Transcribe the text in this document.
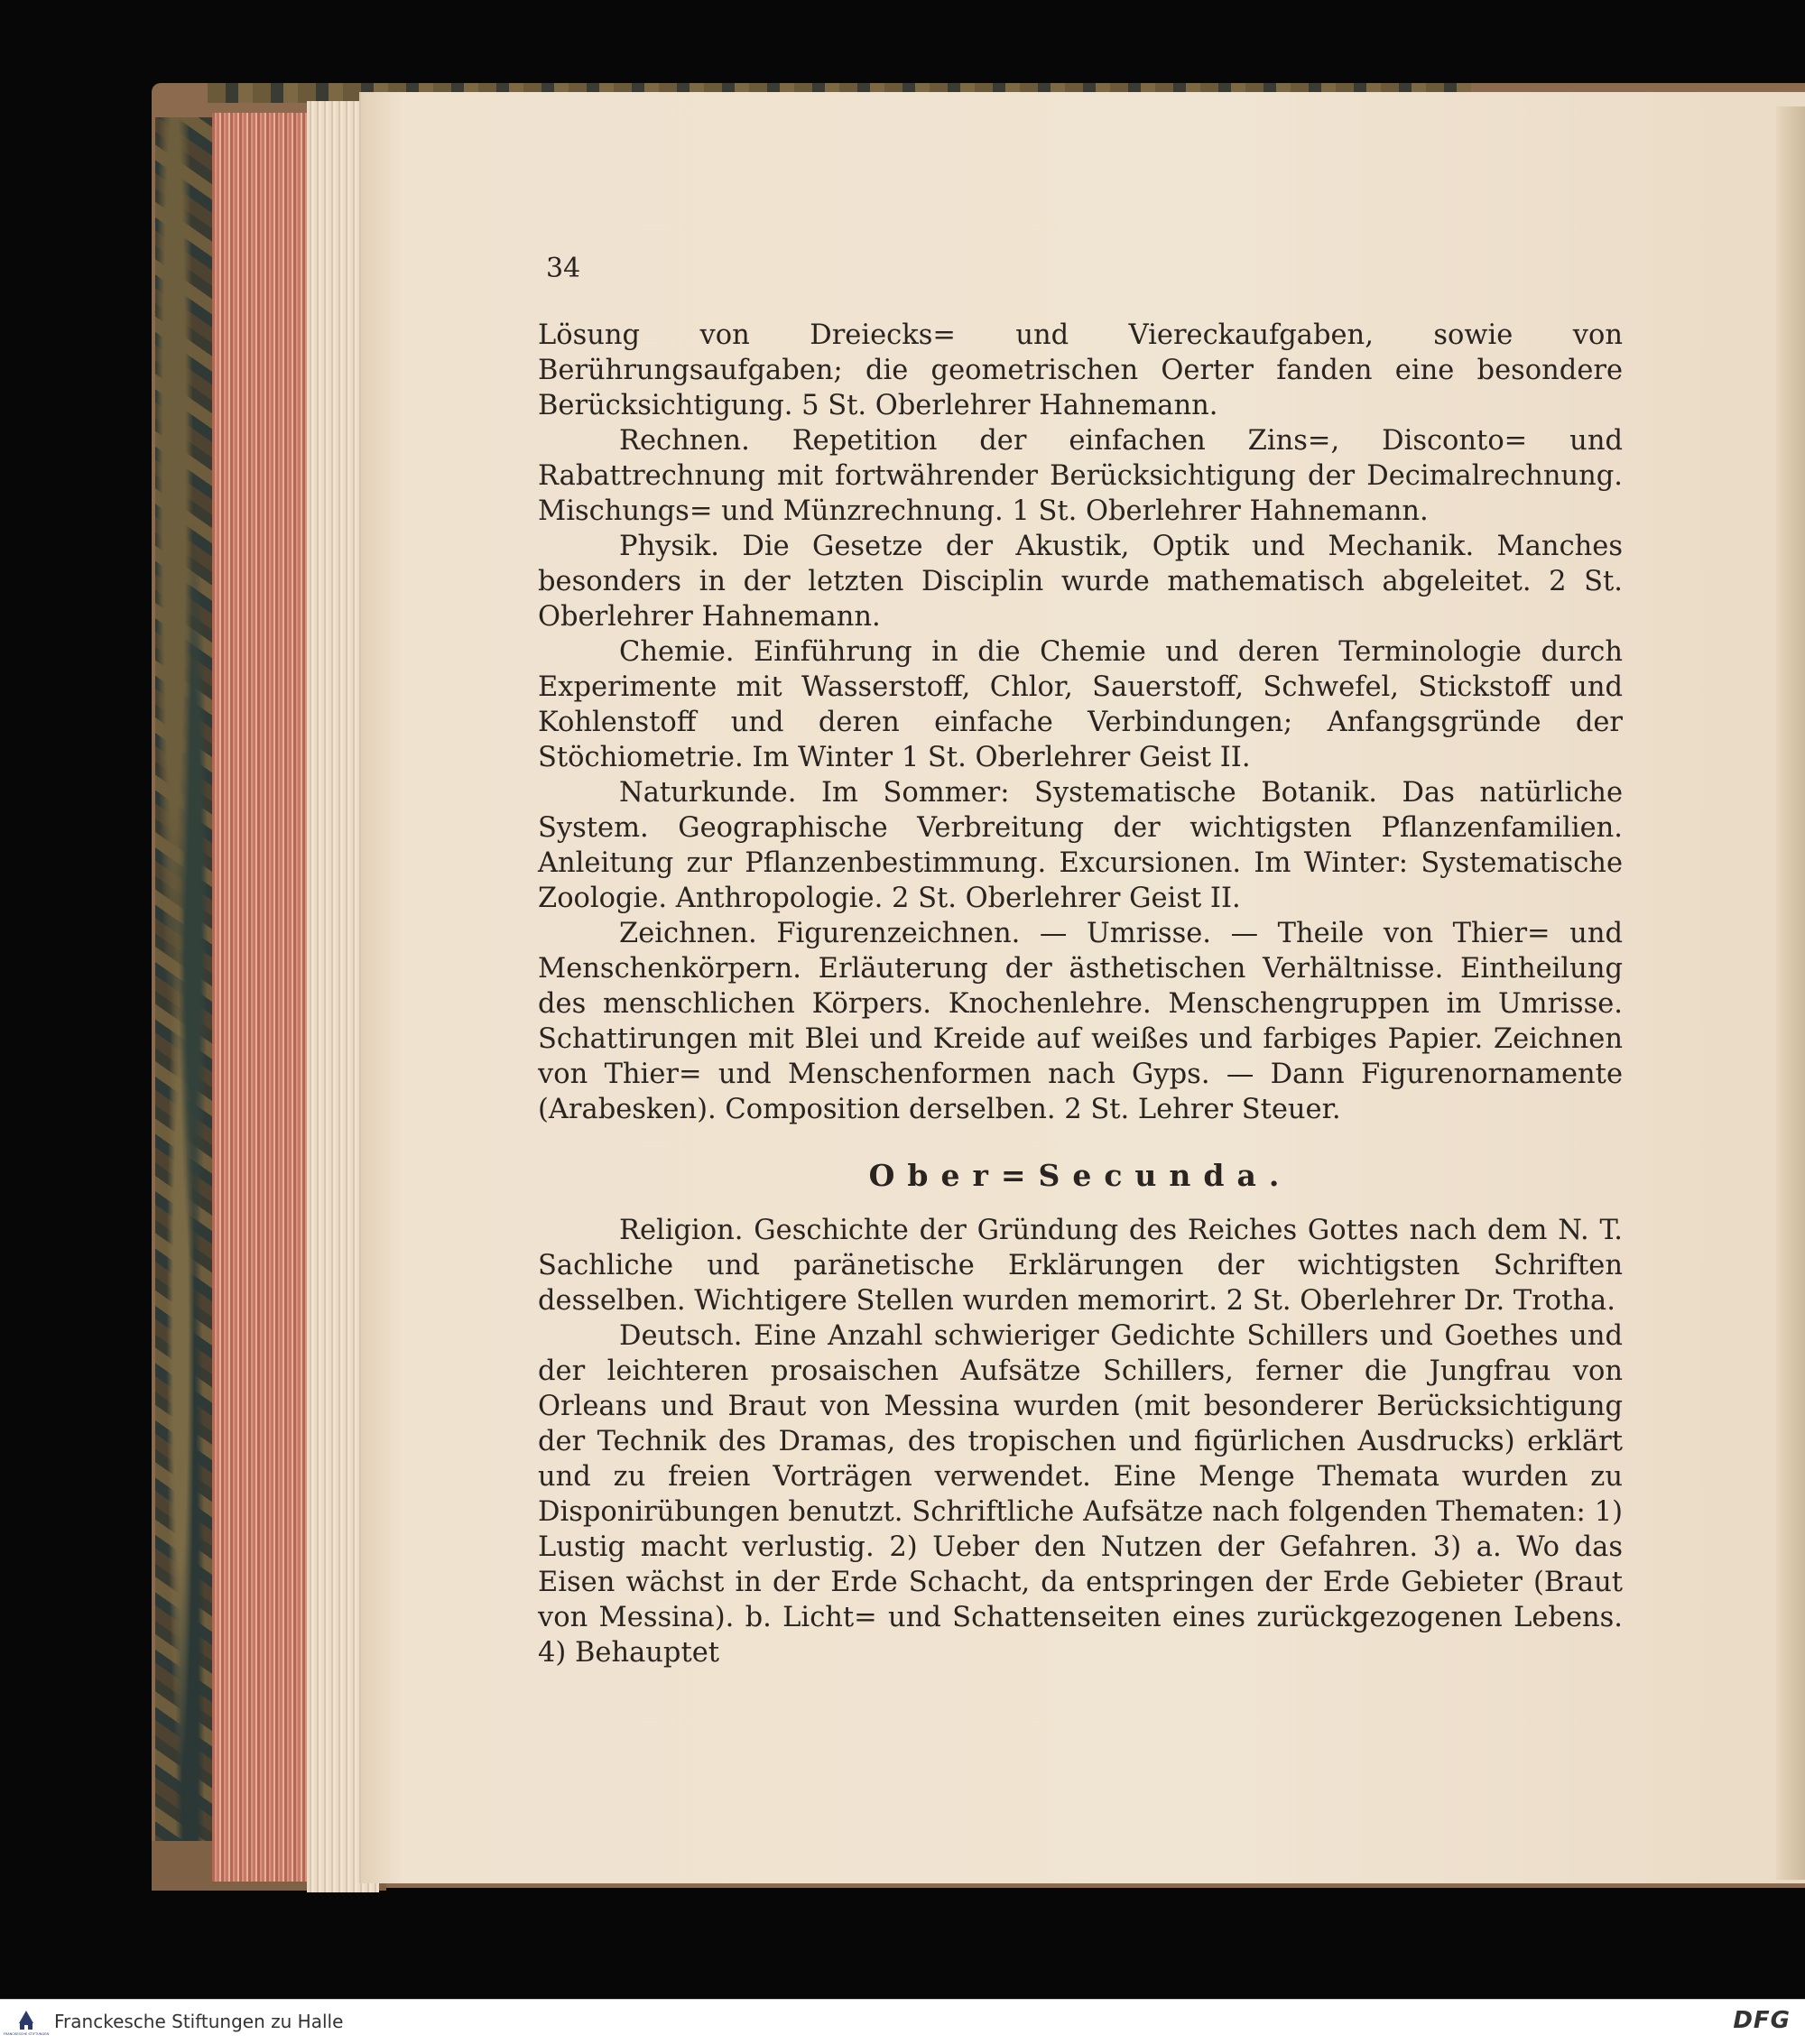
34

Lösung von Dreiecks= und Viereckaufgaben, sowie von Berührungsaufgaben; die geometrischen Oerter fanden eine besondere Berücksichtigung. 5 St. Oberlehrer Hahnemann.

Rechnen. Repetition der einfachen Zins=, Disconto= und Rabattrechnung mit fortwährender Berücksichtigung der Decimalrechnung. Mischungs= und Münzrechnung. 1 St. Oberlehrer Hahnemann.

Physik. Die Gesetze der Akustik, Optik und Mechanik. Manches besonders in der letzten Disciplin wurde mathematisch abgeleitet. 2 St. Oberlehrer Hahnemann.

Chemie. Einführung in die Chemie und deren Terminologie durch Experimente mit Wasserstoff, Chlor, Sauerstoff, Schwefel, Stickstoff und Kohlenstoff und deren einfache Verbindungen; Anfangsgründe der Stöchiometrie. Im Winter 1 St. Oberlehrer Geist II.

Naturkunde. Im Sommer: Systematische Botanik. Das natürliche System. Geographische Verbreitung der wichtigsten Pflanzenfamilien. Anleitung zur Pflanzenbestimmung. Excursionen. Im Winter: Systematische Zoologie. Anthropologie. 2 St. Oberlehrer Geist II.

Zeichnen. Figurenzeichnen. — Umrisse. — Theile von Thier= und Menschenkörpern. Erläuterung der ästhetischen Verhältnisse. Eintheilung des menschlichen Körpers. Knochenlehre. Menschengruppen im Umrisse. Schattirungen mit Blei und Kreide auf weißes und farbiges Papier. Zeichnen von Thier= und Menschenformen nach Gyps. — Dann Figurenornamente (Arabesken). Composition derselben. 2 St. Lehrer Steuer.

Ober=Secunda.

Religion. Geschichte der Gründung des Reiches Gottes nach dem N. T. Sachliche und paränetische Erklärungen der wichtigsten Schriften desselben. Wichtigere Stellen wurden memorirt. 2 St. Oberlehrer Dr. Trotha.

Deutsch. Eine Anzahl schwieriger Gedichte Schillers und Goethes und der leichteren prosaischen Aufsätze Schillers, ferner die Jungfrau von Orleans und Braut von Messina wurden (mit besonderer Berücksichtigung der Technik des Dramas, des tropischen und figürlichen Ausdrucks) erklärt und zu freien Vorträgen verwendet. Eine Menge Themata wurden zu Disponirübungen benutzt. Schriftliche Aufsätze nach folgenden Thematen: 1) Lustig macht verlustig. 2) Ueber den Nutzen der Gefahren. 3) a. Wo das Eisen wächst in der Erde Schacht, da entspringen der Erde Gebieter (Braut von Messina). b. Licht= und Schattenseiten eines zurückgezogenen Lebens. 4) Behauptet

FRANCKESCHE STIFTUNGEN
Franckesche Stiftungen zu Halle	DFG
